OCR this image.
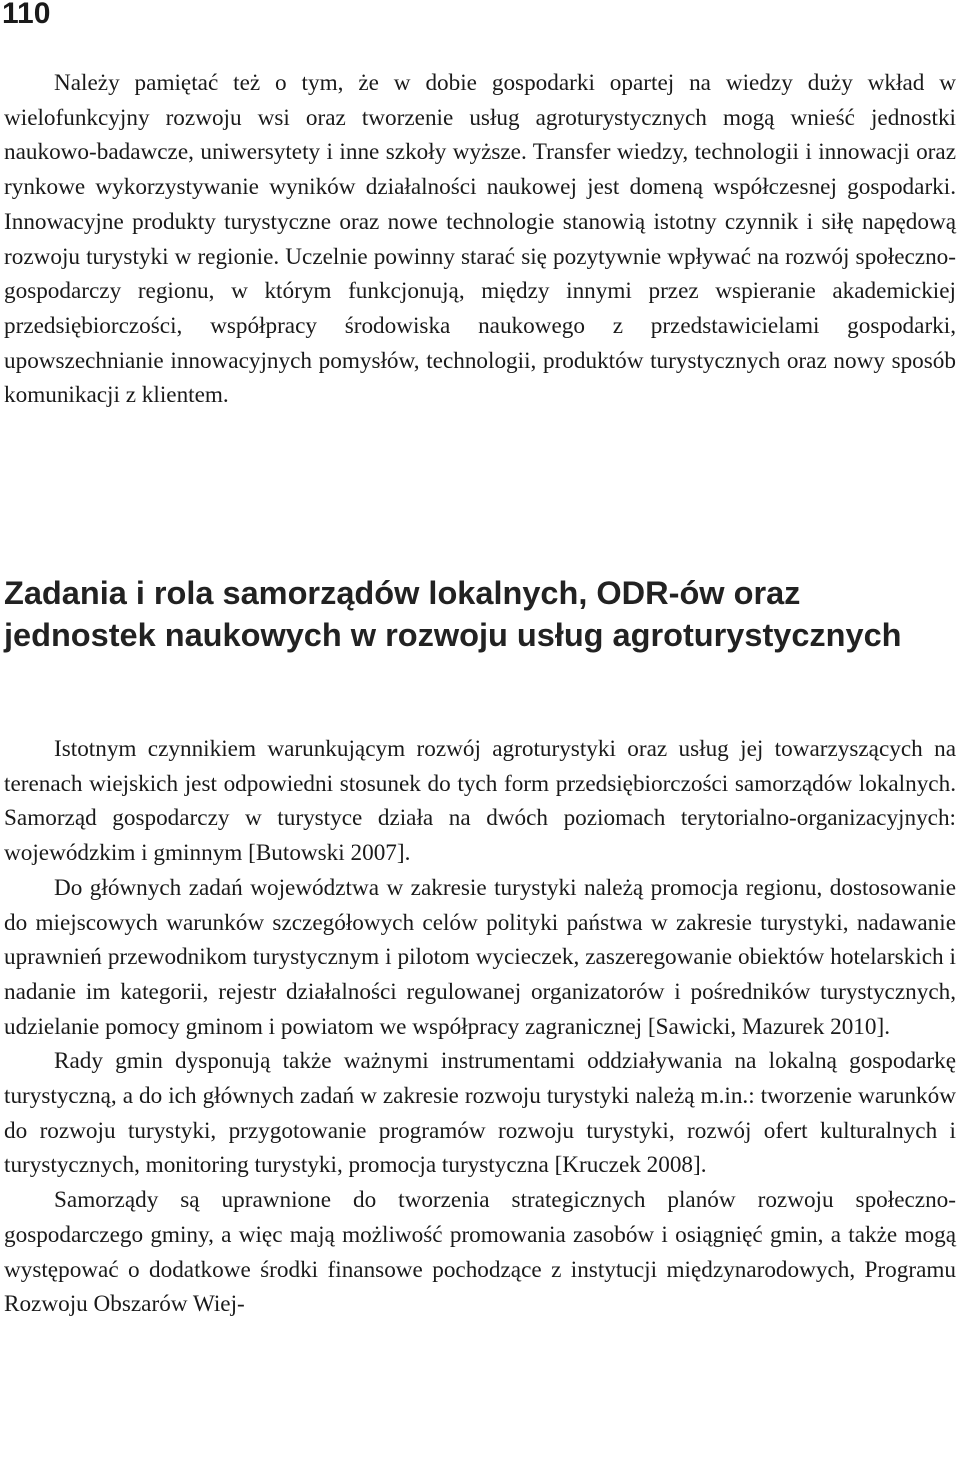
110

Należy pamiętać też o tym, że w dobie gospodarki opartej na wiedzy duży wkład w wielofunkcyjny rozwoju wsi oraz tworzenie usług agroturystycznych mogą wnieść jednostki naukowo-badawcze, uniwersytety i inne szkoły wyższe. Transfer wiedzy, technologii i innowacji oraz rynkowe wykorzystywanie wyników działalności naukowej jest domeną współczesnej gospodarki. Innowacyjne produkty turystyczne oraz nowe technologie stanowią istotny czynnik i siłę napędową rozwoju turystyki w regionie. Uczelnie powinny starać się pozytywnie wpływać na rozwój społeczno-gospodarczy regionu, w którym funkcjonują, między innymi przez wspieranie akademickiej przedsiębiorczości, współpracy środowiska naukowego z przedstawicielami gospodarki, upowszechnianie innowacyjnych pomysłów, technologii, produktów turystycznych oraz nowy sposób komunikacji z klientem.

Zadania i rola samorządów lokalnych, ODR-ów oraz jednostek naukowych w rozwoju usług agroturystycznych

Istotnym czynnikiem warunkującym rozwój agroturystyki oraz usług jej towarzyszących na terenach wiejskich jest odpowiedni stosunek do tych form przedsiębiorczości samorządów lokalnych. Samorząd gospodarczy w turystyce działa na dwóch poziomach terytorialno-organizacyjnych: wojewódzkim i gminnym [Butowski 2007].

Do głównych zadań województwa w zakresie turystyki należą promocja regionu, dostosowanie do miejscowych warunków szczegółowych celów polityki państwa w zakresie turystyki, nadawanie uprawnień przewodnikom turystycznym i pilotom wycieczek, zaszeregowanie obiektów hotelarskich i nadanie im kategorii, rejestr działalności regulowanej organizatorów i pośredników turystycznych, udzielanie pomocy gminom i powiatom we współpracy zagranicznej [Sawicki, Mazurek 2010].

Rady gmin dysponują także ważnymi instrumentami oddziaływania na lokalną gospodarkę turystyczną, a do ich głównych zadań w zakresie rozwoju turystyki należą m.in.: tworzenie warunków do rozwoju turystyki, przygotowanie programów rozwoju turystyki, rozwój ofert kulturalnych i turystycznych, monitoring turystyki, promocja turystyczna [Kruczek 2008].

Samorządy są uprawnione do tworzenia strategicznych planów rozwoju społeczno-gospodarczego gminy, a więc mają możliwość promowania zasobów i osiągnięć gmin, a także mogą występować o dodatkowe środki finansowe pochodzące z instytucji międzynarodowych, Programu Rozwoju Obszarów Wiej-
